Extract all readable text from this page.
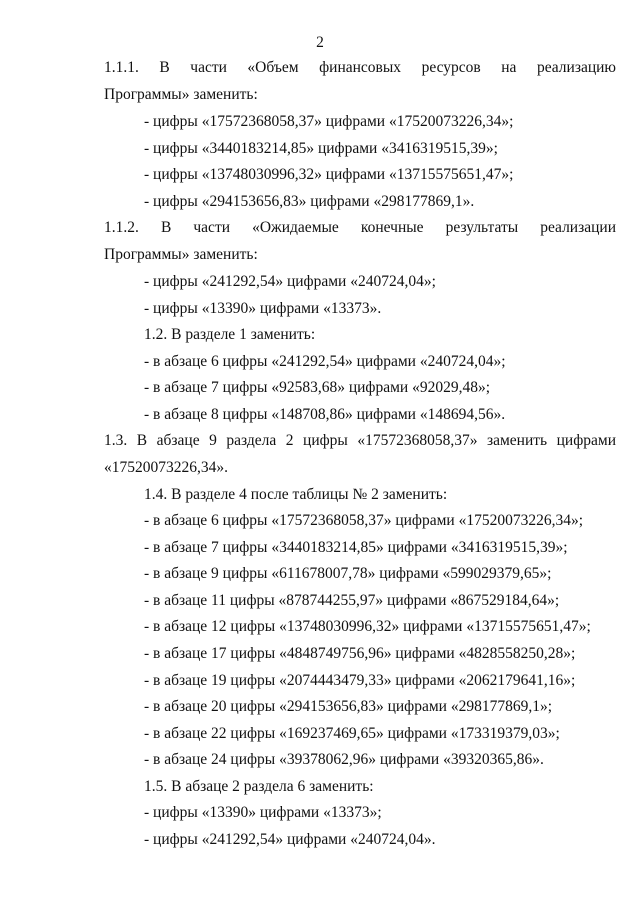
2
1.1.1. В части «Объем финансовых ресурсов на реализацию
Программы» заменить:

- цифры «17572368058,37» цифрами «17520073226,34»;

- цифры «3440183214,85» цифрами «3416319515,39»;

- цифры «13748030996,32» цифрами «13715575651,47»;

- цифры «294153656,83» цифрами «298177869,1».

1.1.2. В части «Ожидаемые конечные результаты реализации
Программы» заменить:

- цифры «241292,54» цифрами «240724,04»;

- цифры «13390» цифрами «13373».

1.2. В разделе 1 заменить:

- в абзаце 6 цифры «241292,54» цифрами «240724,04»;

- в абзаце 7 цифры «92583,68» цифрами «92029,48»;

- в абзаце 8 цифры «148708,86» цифрами «148694,56».

1.3. В абзаце 9 раздела 2 цифры «17572368058,37» заменить цифрами
«17520073226,34».

1.4. В разделе 4 после таблицы № 2 заменить:

- в абзаце 6 цифры «17572368058,37» цифрами «17520073226,34»;

- в абзаце 7 цифры «3440183214,85» цифрами «3416319515,39»;

- в абзаце 9 цифры «611678007,78» цифрами «599029379,65»;

- в абзаце 11 цифры «878744255,97» цифрами «867529184,64»;

- в абзаце 12 цифры «13748030996,32» цифрами «13715575651,47»;

- в абзаце 17 цифры «4848749756,96» цифрами «4828558250,28»;

- в абзаце 19 цифры «2074443479,33» цифрами «2062179641,16»;

- в абзаце 20 цифры «294153656,83» цифрами «298177869,1»;

- в абзаце 22 цифры «169237469,65» цифрами «173319379,03»;

- в абзаце 24 цифры «39378062,96» цифрами «39320365,86».

1.5. В абзаце 2 раздела 6 заменить:

- цифры «13390» цифрами «13373»;

- цифры «241292,54» цифрами «240724,04».
